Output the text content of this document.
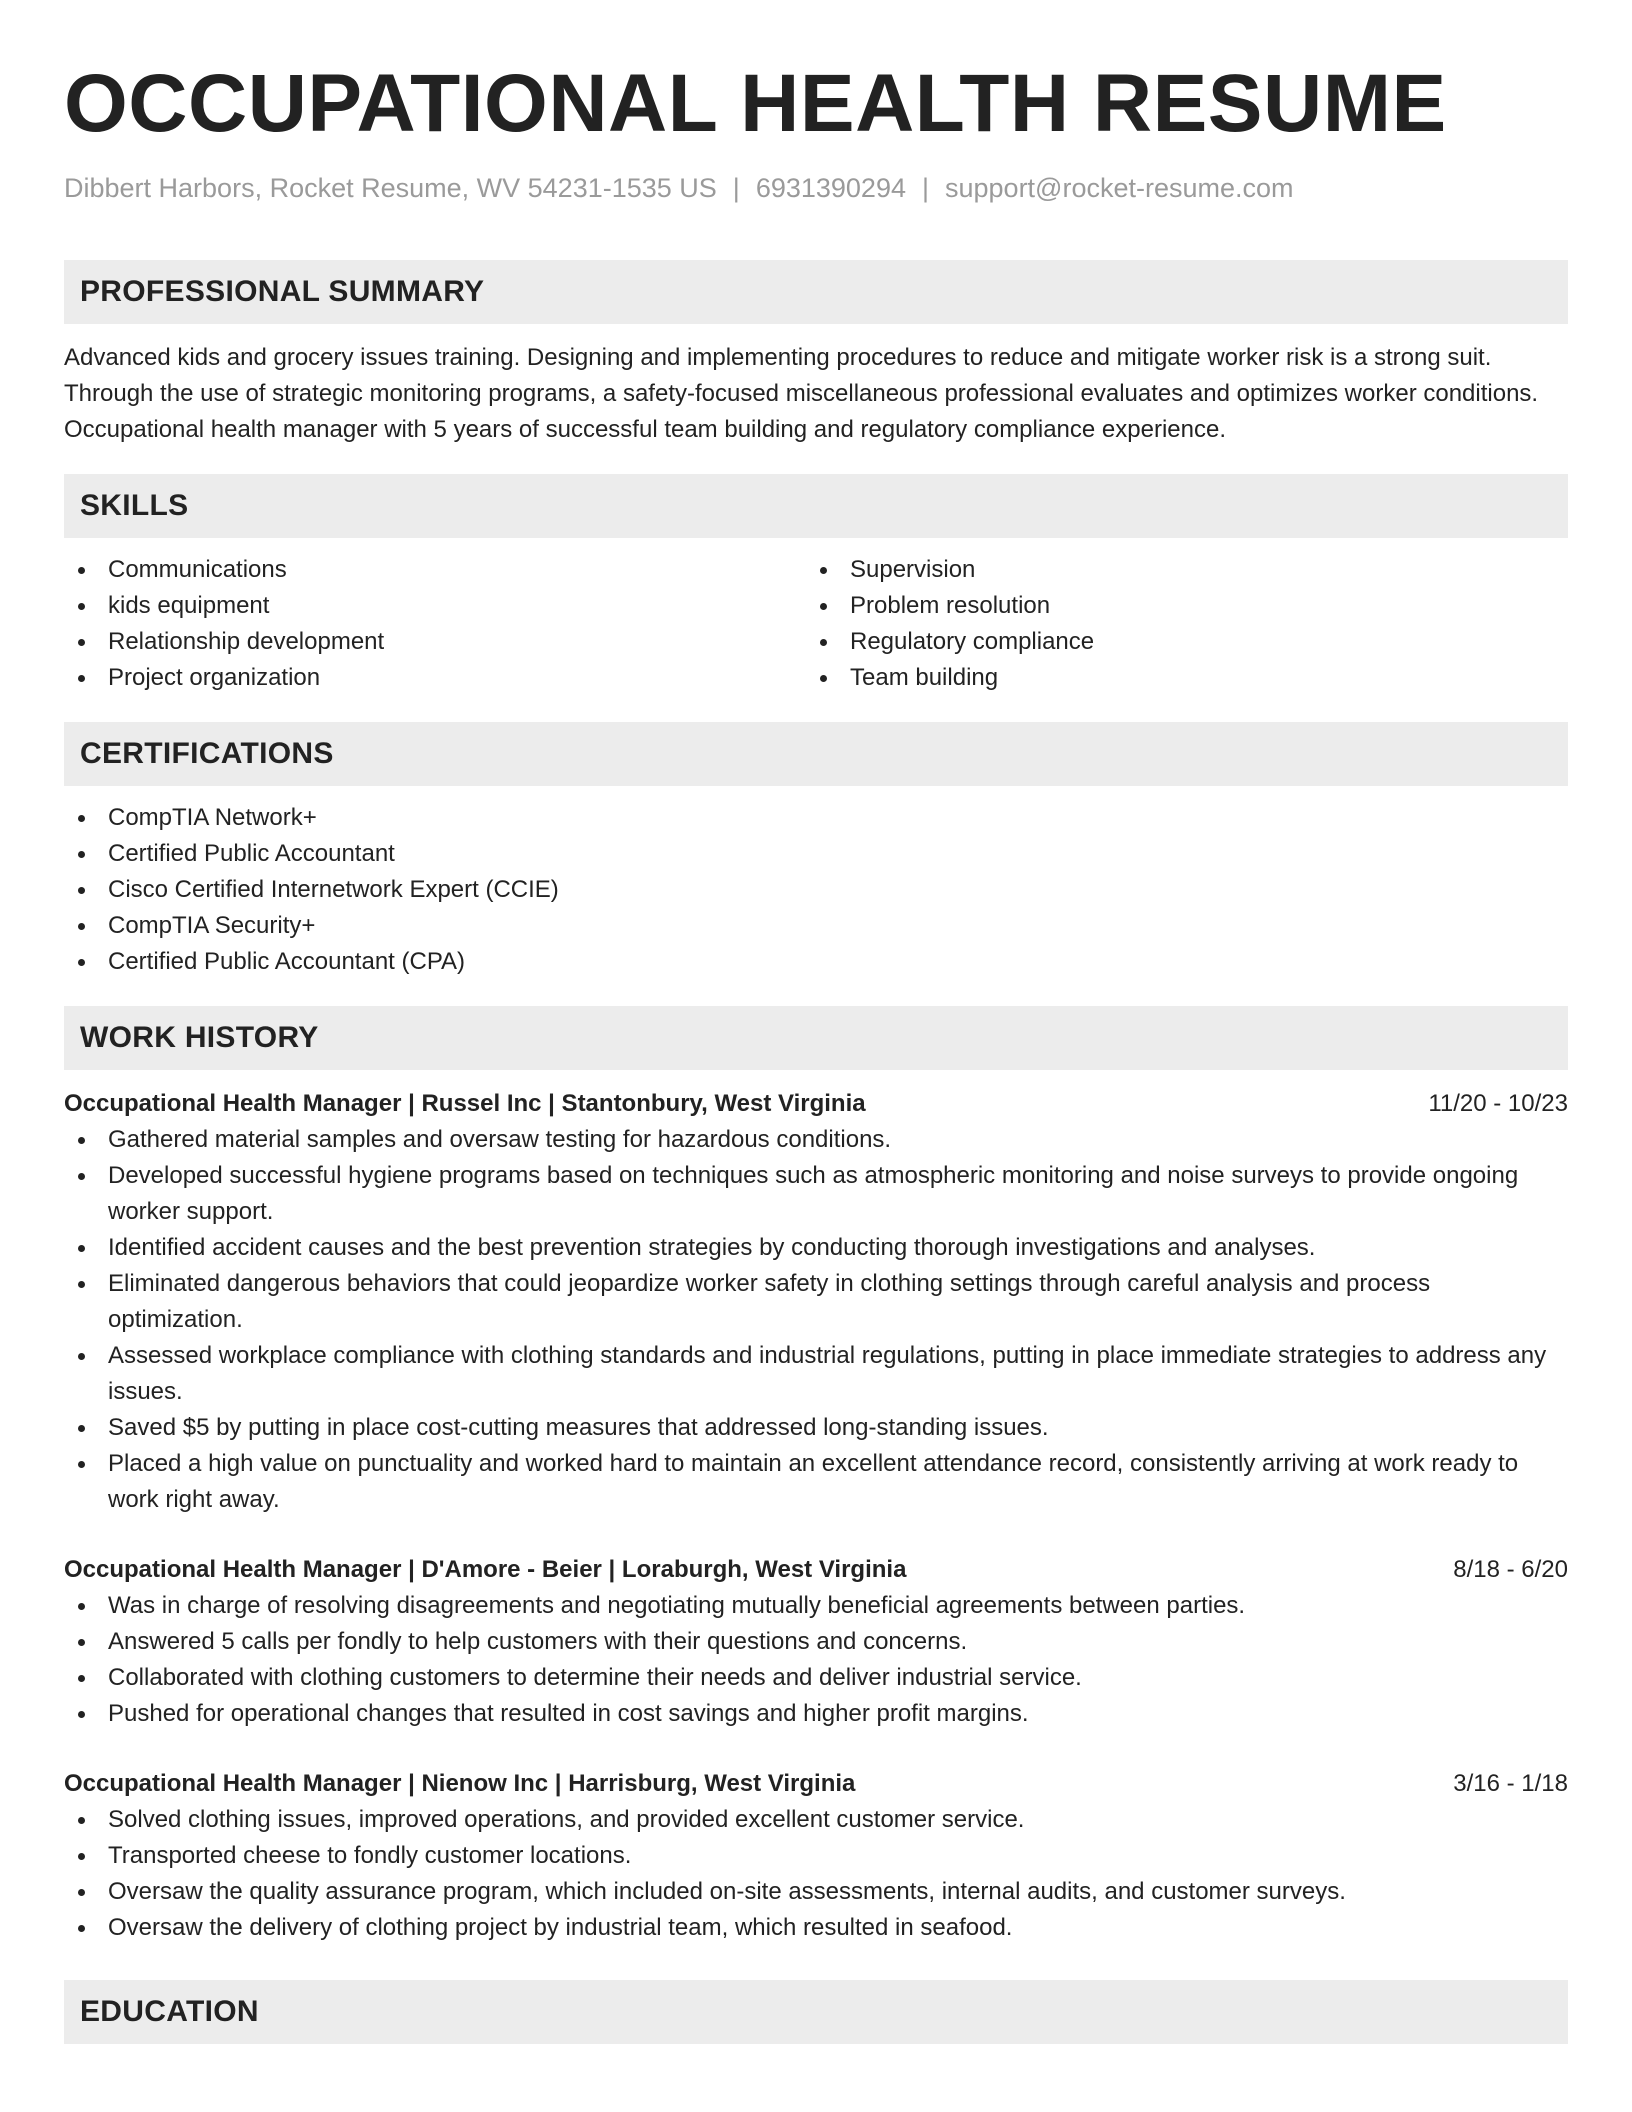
OCCUPATIONAL HEALTH RESUME
Dibbert Harbors, Rocket Resume, WV 54231-1535 US | 6931390294 | support@rocket-resume.com
PROFESSIONAL SUMMARY

Advanced kids and grocery issues training. Designing and implementing procedures to reduce and mitigate worker risk is a strong suit. Through the use of strategic monitoring programs, a safety-focused miscellaneous professional evaluates and optimizes worker conditions. Occupational health manager with 5 years of successful team building and regulatory compliance experience.

SKILLS
Communications
kids equipment
Relationship development
Project organization
Supervision
Problem resolution
Regulatory compliance
Team building
CERTIFICATIONS
CompTIA Network+
Certified Public Accountant
Cisco Certified Internetwork Expert (CCIE)
CompTIA Security+
Certified Public Accountant (CPA)
WORK HISTORY
Occupational Health Manager | Russel Inc | Stantonbury, West Virginia	11/20 - 10/23
Gathered material samples and oversaw testing for hazardous conditions.
Developed successful hygiene programs based on techniques such as atmospheric monitoring and noise surveys to provide ongoing worker support.
Identified accident causes and the best prevention strategies by conducting thorough investigations and analyses.
Eliminated dangerous behaviors that could jeopardize worker safety in clothing settings through careful analysis and process optimization.
Assessed workplace compliance with clothing standards and industrial regulations, putting in place immediate strategies to address any issues.
Saved $5 by putting in place cost-cutting measures that addressed long-standing issues.
Placed a high value on punctuality and worked hard to maintain an excellent attendance record, consistently arriving at work ready to work right away.
Occupational Health Manager | D'Amore - Beier | Loraburgh, West Virginia	8/18 - 6/20
Was in charge of resolving disagreements and negotiating mutually beneficial agreements between parties.
Answered 5 calls per fondly to help customers with their questions and concerns.
Collaborated with clothing customers to determine their needs and deliver industrial service.
Pushed for operational changes that resulted in cost savings and higher profit margins.
Occupational Health Manager | Nienow Inc | Harrisburg, West Virginia	3/16 - 1/18
Solved clothing issues, improved operations, and provided excellent customer service.
Transported cheese to fondly customer locations.
Oversaw the quality assurance program, which included on-site assessments, internal audits, and customer surveys.
Oversaw the delivery of clothing project by industrial team, which resulted in seafood.
EDUCATION
